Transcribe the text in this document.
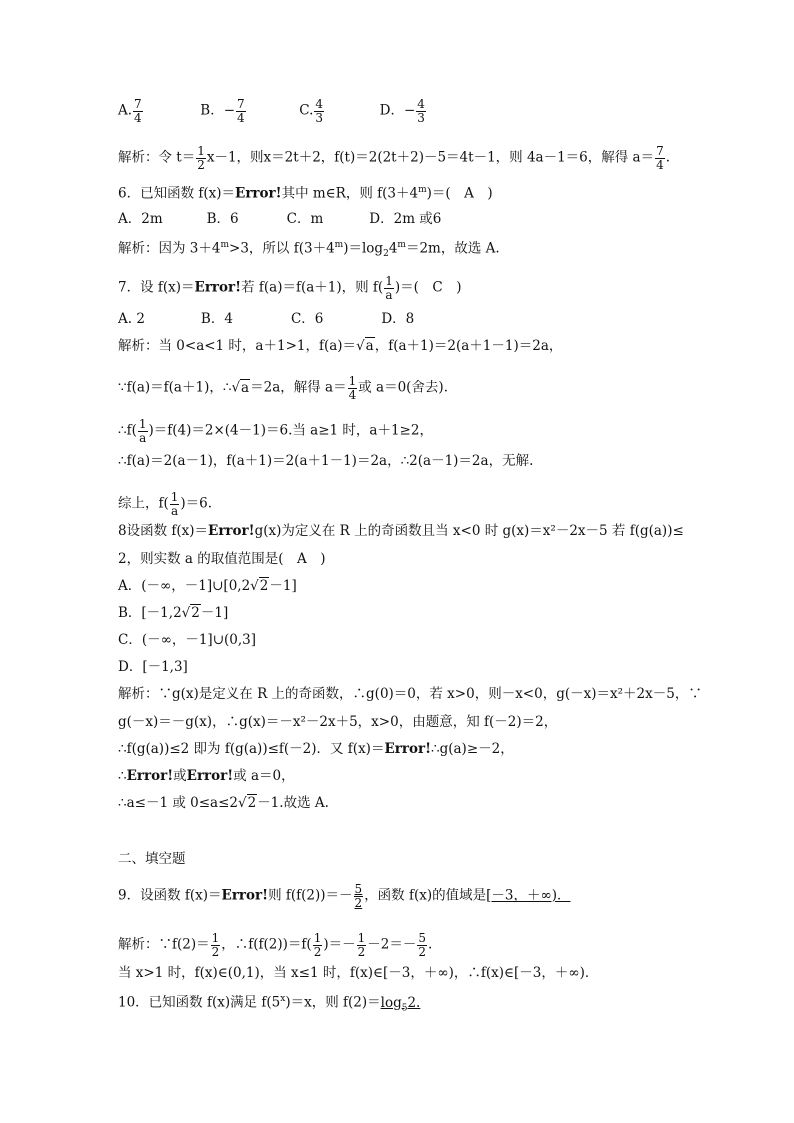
A. $\frac{7}{4}$	B．− $\frac{7}{4}$	C. $\frac{4}{3}$	D．− $\frac{4}{3}$
解析：令 $t= \frac{1}{2} x-1$，则x＝2t＋2，f(t)＝2(2t＋2)－5＝4t－1，则 4a－1＝6，解得 $a= \frac{7}{4}$ .
6．已知函数 f(x)＝Error!其中 m∈R，则 $f(3+4^m)=$(　A　)
A．2m	B．6	C．m	D．2m 或6
解析：因为 $3+4^m>3$，所以 $f(3+4^m)=\log_24^m=2m$，故选 A.
7．设 f(x)＝Error!若 f(a)＝f(a＋1)，则 $f( \frac{1}{a}$ )＝(　C　)
A. 2	B．4	C．6	D．8
解析：当 0<a<1 时，a＋1>1，f(a)＝√a，f(a＋1)＝2(a＋1－1)＝2a，
∵f(a)＝f(a＋1)，∴√a＝2a，解得 $a= \frac{1}{4}$ 或 a＝0(舍去).
∴f( $\frac{1}{a} )=f(4)=2\times(4-1)=6$.当 a≥1 时，a＋1≥2，
∴f(a)＝2(a－1)，f(a＋1)＝2(a＋1－1)＝2a，∴2(a－1)＝2a，无解.
综上，$f( \frac{1}{a} )=6$.
8设函数 f(x)＝Error!g(x)为定义在 R 上的奇函数且当 x<0 时 g(x)＝x²－2x－5 若 f(g(a))≤
2，则实数 a 的取值范围是(　A　)
A．(－∞，－1]∪[0,2√2－1]
B．[－1,2√2－1]
C．(－∞，－1]∪(0,3]
D．[－1,3]
解析：∵g(x)是定义在 R 上的奇函数，∴g(0)＝0，若 x>0，则－x<0，g(－x)＝x²＋2x－5，∵
g(－x)＝－g(x)，∴g(x)＝－x²－2x＋5，x>0，由题意，知 f(－2)＝2，
∴f(g(a))≤2 即为 f(g(a))≤f(－2)．又 f(x)＝Error!∴g(a)≥－2，
∴Error!或Error!或 a＝0，
∴a≤－1 或 0≤a≤2√2－1.故选 A.
二、填空题
9．设函数 f(x)＝Error!则 $f(f(2))=- \frac{5}{2}$ ，函数 f(x)的值域是[－3，＋∞)．
解析：∵f(2)＝ $\frac{1}{2}$ ，∴f(f(2))＝f( $\frac{1}{2}$ )＝－ $\frac{1}{2} -2=- \frac{5}{2}$ .
当 x>1 时，f(x)∈(0,1)，当 x≤1 时，f(x)∈[－3，＋∞)，∴f(x)∈[－3，＋∞)．
10．已知函数 f(x)满足 $f(5^x)=x$，则 $f(2)=\log_52$.
